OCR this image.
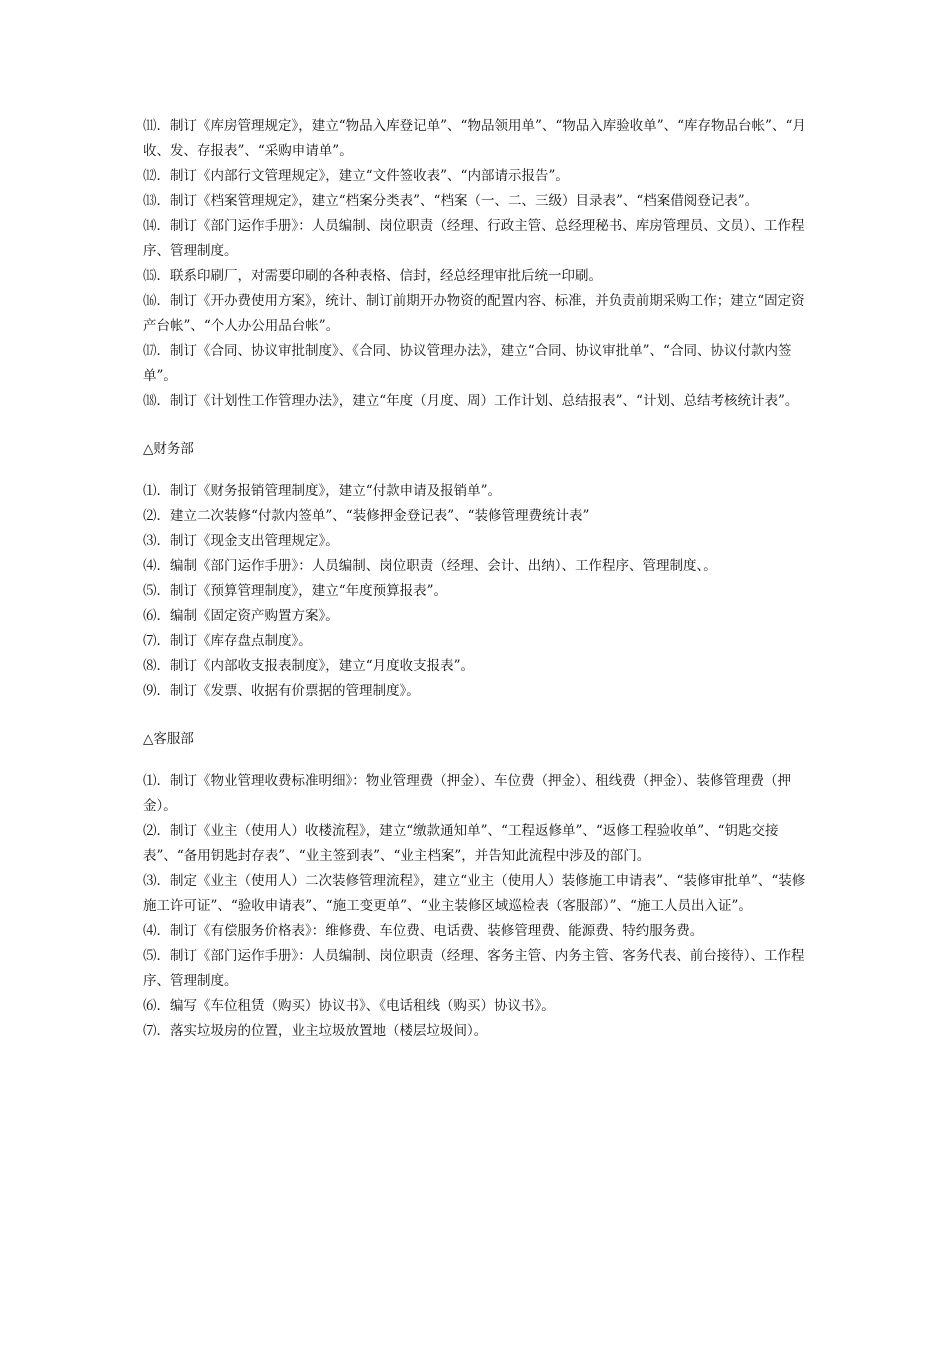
⑾．制订《库房管理规定》，建立“物品入库登记单”、“物品领用单”、“物品入库验收单”、“库存物品台帐”、“月收、发、存报表”、“采购申请单”。

⑿．制订《内部行文管理规定》，建立“文件签收表”、“内部请示报告”。

⒀．制订《档案管理规定》，建立“档案分类表”、“档案（一、二、三级）目录表”、“档案借阅登记表”。

⒁．制订《部门运作手册》：人员编制、岗位职责（经理、行政主管、总经理秘书、库房管理员、文员）、工作程序、管理制度。

⒂．联系印刷厂，对需要印刷的各种表格、信封，经总经理审批后统一印刷。

⒃．制订《开办费使用方案》，统计、制订前期开办物资的配置内容、标准，并负责前期采购工作；建立“固定资产台帐”、“个人办公用品台帐”。

⒄．制订《合同、协议审批制度》、《合同、协议管理办法》，建立“合同、协议审批单”、“合同、协议付款内签单”。

⒅．制订《计划性工作管理办法》，建立“年度（月度、周）工作计划、总结报表”、“计划、总结考核统计表”。

△财务部

⑴．制订《财务报销管理制度》，建立“付款申请及报销单”。

⑵．建立二次装修“付款内签单”、“装修押金登记表”、“装修管理费统计表”

⑶．制订《现金支出管理规定》。

⑷．编制《部门运作手册》：人员编制、岗位职责（经理、会计、出纳）、工作程序、管理制度、。

⑸．制订《预算管理制度》，建立“年度预算报表”。

⑹．编制《固定资产购置方案》。

⑺．制订《库存盘点制度》。

⑻．制订《内部收支报表制度》，建立“月度收支报表”。

⑼．制订《发票、收据有价票据的管理制度》。

△客服部

⑴．制订《物业管理收费标准明细》：物业管理费（押金）、车位费（押金）、租线费（押金）、装修管理费（押金）。

⑵．制订《业主（使用人）收楼流程》，建立“缴款通知单”、“工程返修单”、“返修工程验收单”、“钥匙交接表”、“备用钥匙封存表”、“业主签到表”、“业主档案”，并告知此流程中涉及的部门。

⑶．制定《业主（使用人）二次装修管理流程》，建立“业主（使用人）装修施工申请表”、“装修审批单”、“装修施工许可证”、“验收申请表”、“施工变更单”、“业主装修区域巡检表（客服部）”、“施工人员出入证”。

⑷．制订《有偿服务价格表》：维修费、车位费、电话费、装修管理费、能源费、特约服务费。

⑸．制订《部门运作手册》：人员编制、岗位职责（经理、客务主管、内务主管、客务代表、前台接待）、工作程序、管理制度。

⑹．编写《车位租赁（购买）协议书》、《电话租线（购买）协议书》。

⑺．落实垃圾房的位置，业主垃圾放置地（楼层垃圾间）。
